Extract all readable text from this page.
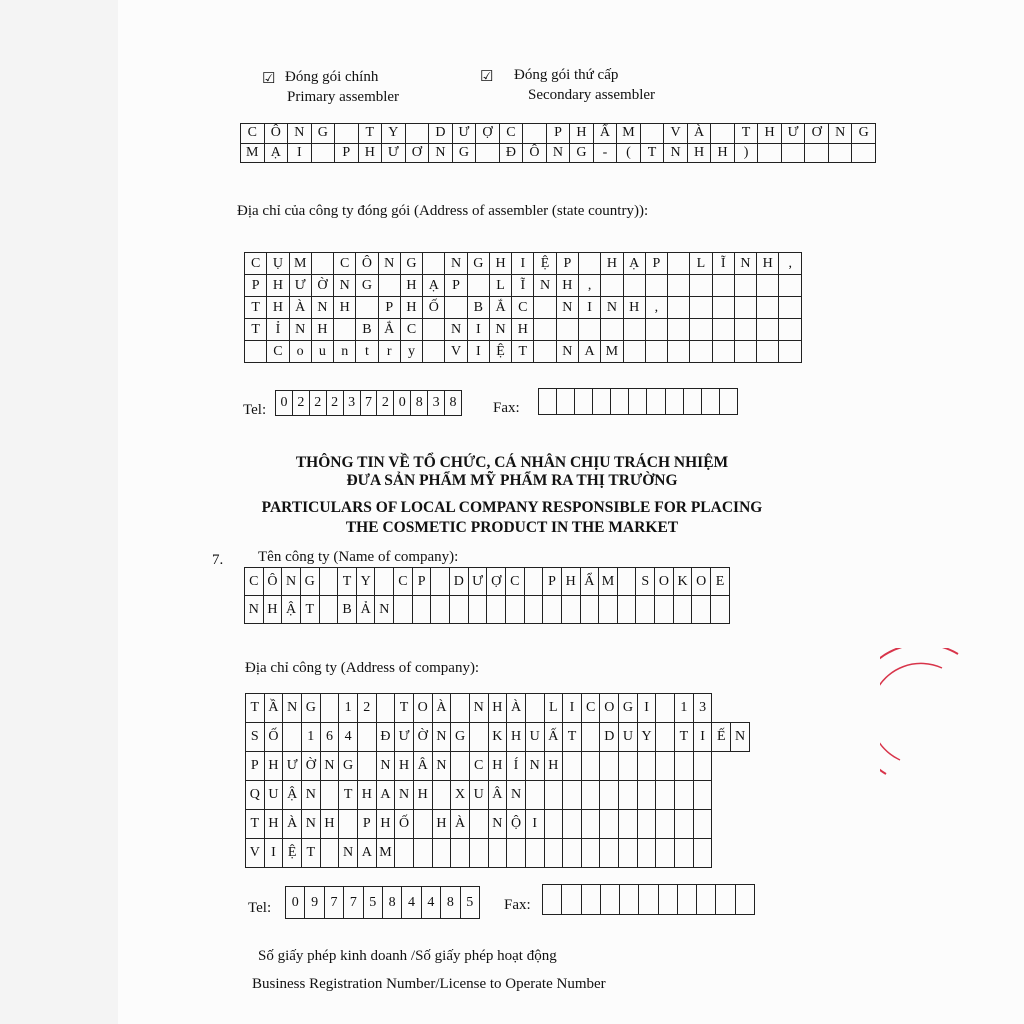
☑ Đóng gói chính
Primary assembler
☑ Đóng gói thứ cấp
Secondary assembler
C	Ô	N	G		T	Y		D	Ư	Ợ	C		P	H	Ẩ	M		V	À		T	H	Ư	Ơ	N	G
M	Ạ	I		P	H	Ư	Ơ	N	G		Đ	Ô	N	G	-	(	T	N	H	H	)					
Địa chỉ của công ty đóng gói (Address of assembler (state country)):
C	Ụ	M		C	Ô	N	G		N	G	H	I	Ệ	P		H	Ạ	P		L	Ĩ	N	H	,
P	H	Ư	Ờ	N	G		H	Ạ	P		L	Ĩ	N	H	,									
T	H	À	N	H		P	H	Ố		B	Ắ	C		N	I	N	H	,						
T	Ỉ	N	H		B	Ắ	C		N	I	N	H												
	C	o	u	n	t	r	y		V	I	Ệ	T		N	A	M								
Tel: 0	2	2	2	3	7	2	0	8	3	8 Fax:

THÔNG TIN VỀ TỔ CHỨC, CÁ NHÂN CHỊU TRÁCH NHIỆM
ĐƯA SẢN PHẨM MỸ PHẨM RA THỊ TRƯỜNG
PARTICULARS OF LOCAL COMPANY RESPONSIBLE FOR PLACING
THE COSMETIC PRODUCT IN THE MARKET
7. Tên công ty (Name of company):
C	Ô	N	G		T	Y		C	P		D	Ư	Ợ	C		P	H	Ẩ	M		S	O	K	O	E
N	H	Ậ	T		B	Ả	N																		
Địa chỉ công ty (Address of company):
T	Ầ	N	G		1	2		T	O	À		N	H	À		L	I	C	O	G	I		1	3		
S	Ố		1	6	4		Đ	Ư	Ờ	N	G		K	H	U	Ấ	T		D	U	Y		T	I	Ế	N
P	H	Ư	Ờ	N	G		N	H	Â	N		C	H	Í	N	H										
Q	U	Ậ	N		T	H	A	N	H		X	U	Â	N												
T	H	À	N	H		P	H	Ố		H	À		N	Ộ	I											
V	I	Ệ	T		N	A	M																			
Tel: 0	9	7	7	5	8	4	4	8	5 Fax:

Số giấy phép kinh doanh /Số giấy phép hoạt động
Business Registration Number/License to Operate Number
